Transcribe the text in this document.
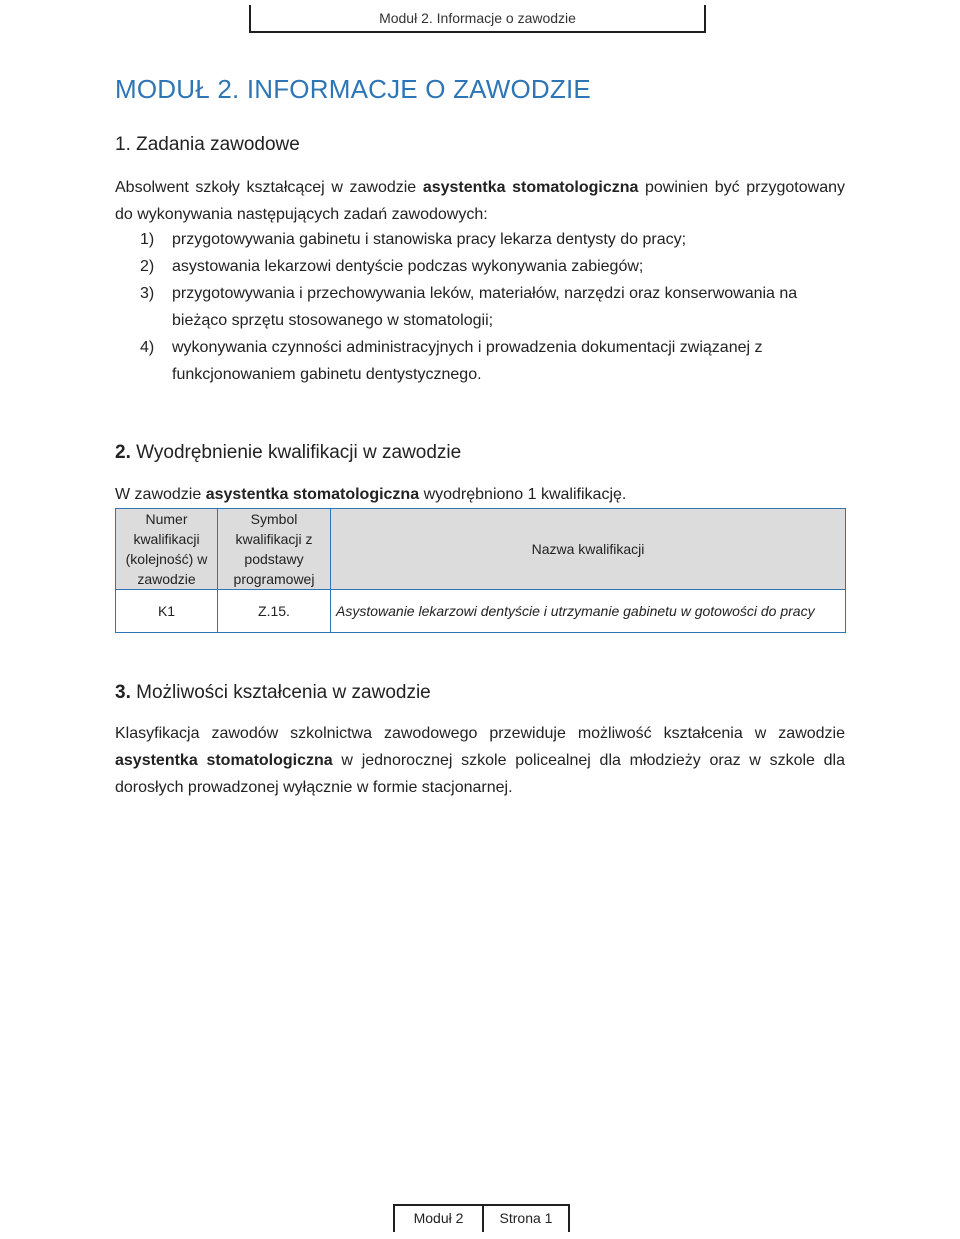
Moduł 2. Informacje o zawodzie
MODUŁ 2. INFORMACJE O ZAWODZIE
1. Zadania zawodowe

Absolwent szkoły kształcącej w zawodzie asystentka stomatologiczna powinien być przygotowany do wykonywania następujących zadań zawodowych:

1) przygotowywania gabinetu i stanowiska pracy lekarza dentysty do pracy;
2) asystowania lekarzowi dentyście podczas wykonywania zabiegów;
3) przygotowywania i przechowywania leków, materiałów, narzędzi oraz konserwowania na bieżąco sprzętu stosowanego w stomatologii;
4) wykonywania czynności administracyjnych i prowadzenia dokumentacji związanej z funkcjonowaniem gabinetu dentystycznego.
2. Wyodrębnienie kwalifikacji w zawodzie

W zawodzie asystentka stomatologiczna wyodrębniono 1 kwalifikację.

Numer kwalifikacji (kolejność) w zawodzie	Symbol kwalifikacji z podstawy programowej	Nazwa kwalifikacji
K1	Z.15.	Asystowanie lekarzowi dentyście i utrzymanie gabinetu w gotowości do pracy
3. Możliwości kształcenia w zawodzie

Klasyfikacja zawodów szkolnictwa zawodowego przewiduje możliwość kształcenia w zawodzie asystentka stomatologiczna w jednorocznej szkole policealnej dla młodzieży oraz w szkole dla dorosłych prowadzonej wyłącznie w formie stacjonarnej.

Moduł 2	Strona 1
